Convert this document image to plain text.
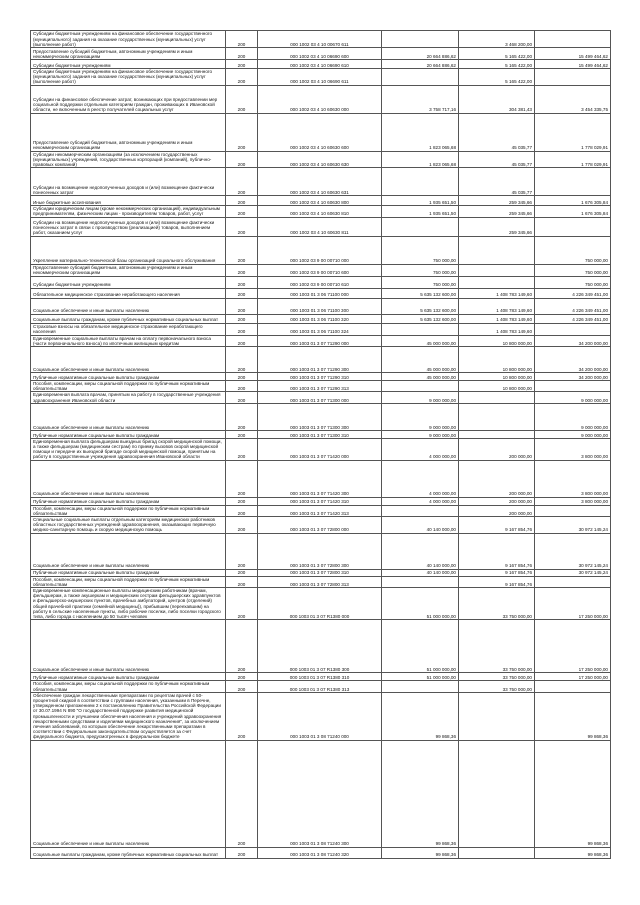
Субсидии бюджетным учреждениям на финансовое обеспечение государственного (муниципального) задания на оказание государственных (муниципальных) услуг (выполнение работ)	200	000 1002 03 4 10 00670 611		3 468 200,00	
Предоставление субсидий бюджетным, автономным учреждениям и иным некоммерческим организациям	200	000 1002 03 4 10 06690 600	20 664 886,62	5 165 422,00	15 499 464,62
Субсидии бюджетным учреждениям	200	000 1002 03 4 10 06690 610	20 664 886,62	5 165 422,00	15 499 464,62
Субсидии бюджетным учреждениям на финансовое обеспечение государственного (муниципального) задания на оказание государственных (муниципальных) услуг (выполнение работ)	200	000 1002 03 4 10 06690 611		5 165 422,00	
Субсидии на финансовое обеспечение затрат, возникающих при предоставлении мер социальной поддержки отдельным категориям граждан, проживающих в Ивановской области, не включенным в реестр получателей социальных услуг	200	000 1002 03 4 10 60630 000	3 758 717,16	304 381,43	3 454 335,75
Предоставление субсидий бюджетным, автономным учреждениям и иным некоммерческим организациям	200	000 1002 03 4 10 60630 600	1 823 065,68	45 035,77	1 778 029,91
Субсидии некоммерческим организациям (за исключением государственных (муниципальных) учреждений, государственных корпораций (компаний), публично-правовых компаний)	200	000 1002 03 4 10 60630 630	1 823 065,68	45 035,77	1 778 029,91
Субсидии на возмещение недополученных доходов и (или) возмещение фактически понесенных затрат	200	000 1002 03 4 10 60630 631		45 035,77	
Иные бюджетные ассигнования	200	000 1002 03 4 10 60630 800	1 935 651,50	259 345,66	1 676 305,84
Субсидии юридическим лицам (кроме некоммерческих организаций), индивидуальным предпринимателям, физическим лицам - производителям товаров, работ, услуг	200	000 1002 03 4 10 60630 810	1 935 651,50	259 345,66	1 676 305,84
Субсидии на возмещение недополученных доходов и (или) возмещение фактически понесенных затрат в связи с производством (реализацией) товаров, выполнением работ, оказанием услуг	200	000 1002 03 4 10 60630 811		259 345,66	
Укрепление материально-технической базы организаций социального обслуживания	200	000 1002 03 9 00 00710 000	750 000,00		750 000,00
Предоставление субсидий бюджетным, автономным учреждениям и иным некоммерческим организациям	200	000 1002 03 9 00 00710 600	750 000,00		750 000,00
Субсидии бюджетным учреждениям	200	000 1002 03 9 00 00710 610	750 000,00		750 000,00
Обязательное медицинское страхование неработающего населения	200	000 1003 01 3 06 71100 000	5 635 132 600,00	1 408 783 149,60	4 226 349 451,00
Социальное обеспечение и иные выплаты населению	200	000 1003 01 3 06 71100 300	5 635 132 600,00	1 408 783 149,60	4 226 349 451,00
Социальные выплаты гражданам, кроме публичных нормативных социальных выплат	200	000 1003 01 3 06 71100 320	5 635 132 600,00	1 408 783 149,60	4 226 349 451,00
Страховые взносы на обязательное медицинское страхование неработающего населения	200	000 1003 01 3 06 71100 324		1 408 783 149,60	
Единовременные социальные выплаты врачам на оплату первоначального взноса (части первоначального взноса) по ипотечным жилищным кредитам	200	000 1003 01 3 07 71290 000	45 000 000,00	10 800 000,00	34 200 000,00
Социальное обеспечение и иные выплаты населению	200	000 1003 01 3 07 71290 300	45 000 000,00	10 800 000,00	34 200 000,00
Публичные нормативные социальные выплаты гражданам	200	000 1003 01 3 07 71290 310	45 000 000,00	10 800 000,00	34 200 000,00
Пособия, компенсации, меры социальной поддержки по публичным нормативным обязательствам	200	000 1003 01 3 07 71290 313		10 800 000,00	
Единовременная выплата врачам, принятым на работу в государственные учреждения здравоохранения Ивановской области	200	000 1003 01 3 07 71300 000	9 000 000,00		9 000 000,00
Социальное обеспечение и иные выплаты населению	200	000 1003 01 3 07 71300 300	9 000 000,00		9 000 000,00
Публичные нормативные социальные выплаты гражданам	200	000 1003 01 3 07 71300 310	9 000 000,00		9 000 000,00
Единовременная выплата фельдшерам выездных бригад скорой медицинской помощи, а также фельдшерам (медицинским сестрам) по приему вызовов скорой медицинской помощи и передаче их выездной бригаде скорой медицинской помощи, принятым на работу в государственные учреждения здравоохранения Ивановской области	200	000 1003 01 3 07 71420 000	4 000 000,00	200 000,00	3 800 000,00
Социальное обеспечение и иные выплаты населению	200	000 1003 01 3 07 71420 300	4 000 000,00	200 000,00	3 800 000,00
Публичные нормативные социальные выплаты гражданам	200	000 1003 01 3 07 71420 310	4 000 000,00	200 000,00	3 800 000,00
Пособия, компенсации, меры социальной поддержки по публичным нормативным обязательствам	200	000 1003 01 3 07 71420 313		200 000,00	
Специальные социальные выплаты отдельным категориям медицинских работников областных государственных учреждений здравоохранения, оказывающих первичную медико-санитарную помощь и скорую медицинскую помощь	200	000 1003 01 3 07 72800 000	40 140 000,00	9 167 854,76	30 972 145,24
Социальное обеспечение и иные выплаты населению	200	000 1003 01 3 07 72800 300	40 140 000,00	9 167 854,76	30 972 145,24
Публичные нормативные социальные выплаты гражданам	200	000 1003 01 3 07 72800 310	40 140 000,00	9 167 854,76	30 972 145,24
Пособия, компенсации, меры социальной поддержки по публичным нормативным обязательствам	200	000 1003 01 3 07 72800 313		9 167 854,76	
Единовременные компенсационные выплаты медицинским работникам (врачам, фельдшерам, а также акушеркам и медицинским сестрам фельдшерских здравпунктов и фельдшерско-акушерских пунктов, врачебных амбулаторий, центров (отделений) общей врачебной практики (семейной медицины)), прибывшим (переехавшим) на работу в сельские населенные пункты, либо рабочие поселки, либо поселки городского типа, либо города с населением до 50 тысяч человек	200	000 1003 01 3 07 R1380 000	51 000 000,00	33 750 000,00	17 250 000,00
Социальное обеспечение и иные выплаты населению	200	000 1003 01 3 07 R1380 300	51 000 000,00	33 750 000,00	17 250 000,00
Публичные нормативные социальные выплаты гражданам	200	000 1003 01 3 07 R1380 310	51 000 000,00	33 750 000,00	17 250 000,00
Пособия, компенсации, меры социальной поддержки по публичным нормативным обязательствам	200	000 1003 01 3 07 R1380 313		33 750 000,00	
Обеспечение граждан лекарственными препаратами по рецептам врачей с 50-процентной скидкой в соответствии с группами населения, указанными в Перечне, утвержденном приложением 2 к постановлению Правительства Российской Федерации от 30.07.1994 N 890 "О государственной поддержке развития медицинской промышленности и улучшении обеспечения населения и учреждений здравоохранения лекарственными средствами и изделиями медицинского назначения", за исключением лечения заболеваний, по которым обеспечение лекарственными препаратами в соответствии с Федеральным законодательством осуществляется за счет федерального бюджета, предусмотренных в федеральном бюджете	200	000 1003 01 3 08 71240 000	99 868,36		99 868,36
Социальное обеспечение и иные выплаты населению	200	000 1003 01 3 08 71240 300	99 868,36		99 868,36
Социальные выплаты гражданам, кроме публичных нормативных социальных выплат	200	000 1003 01 3 08 71240 320	99 868,36		99 868,36
